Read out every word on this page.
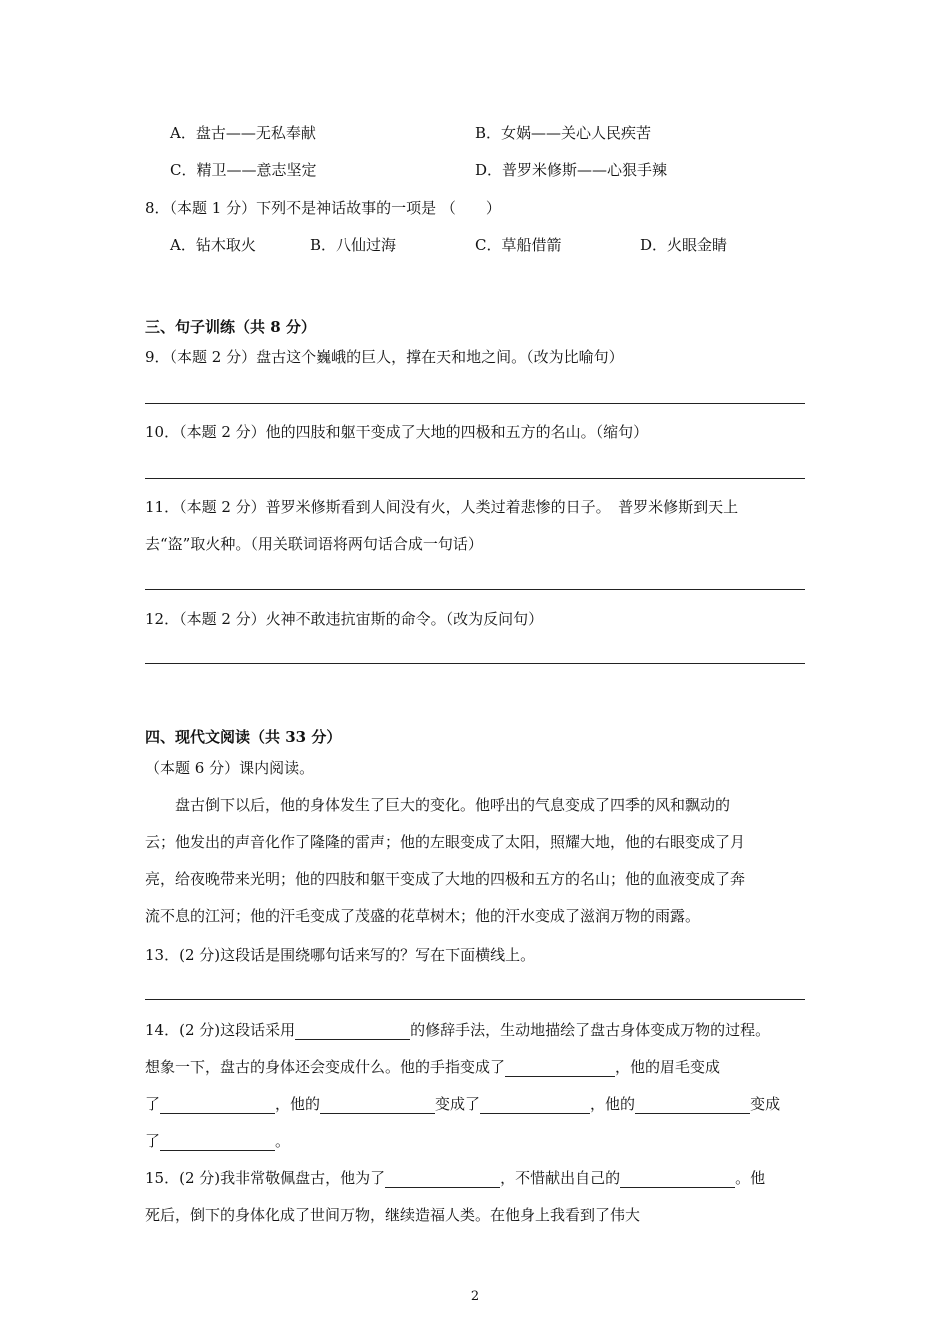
A．盘古——无私奉献	B．女娲——关心人民疾苦
C．精卫——意志坚定	D．普罗米修斯——心狠手辣
8．（本题 1 分）下列不是神话故事的一项是 （　　）
A．钻木取火	B．八仙过海	C．草船借箭	D．火眼金睛
三、句子训练（共 8 分）
9．（本题 2 分）盘古这个巍峨的巨人，撑在天和地之间。（改为比喻句）
10．（本题 2 分）他的四肢和躯干变成了大地的四极和五方的名山。（缩句）
11．（本题 2 分）普罗米修斯看到人间没有火，人类过着悲惨的日子。　普罗米修斯到天上
去“盗”取火种。（用关联词语将两句话合成一句话）
12．（本题 2 分）火神不敢违抗宙斯的命令。（改为反问句）
四、现代文阅读（共 33 分）
（本题 6 分）课内阅读。
　　盘古倒下以后，他的身体发生了巨大的变化。他呼出的气息变成了四季的风和飘动的
云；他发出的声音化作了隆隆的雷声；他的左眼变成了太阳，照耀大地，他的右眼变成了月
亮，给夜晚带来光明；他的四肢和躯干变成了大地的四极和五方的名山；他的血液变成了奔
流不息的江河；他的汗毛变成了茂盛的花草树木；他的汗水变成了滋润万物的雨露。
13．(2 分)这段话是围绕哪句话来写的？写在下面横线上。
14．(2 分)这段话采用	的修辞手法，生动地描绘了盘古身体变成万物的过程。
想象一下，盘古的身体还会变成什么。他的手指变成了	，他的眉毛变成
了	，他的	变成了	，他的	变成
了	。
15．(2 分)我非常敬佩盘古，他为了	，不惜献出自己的	。他
死后，倒下的身体化成了世间万物，继续造福人类。在他身上我看到了伟大
2
